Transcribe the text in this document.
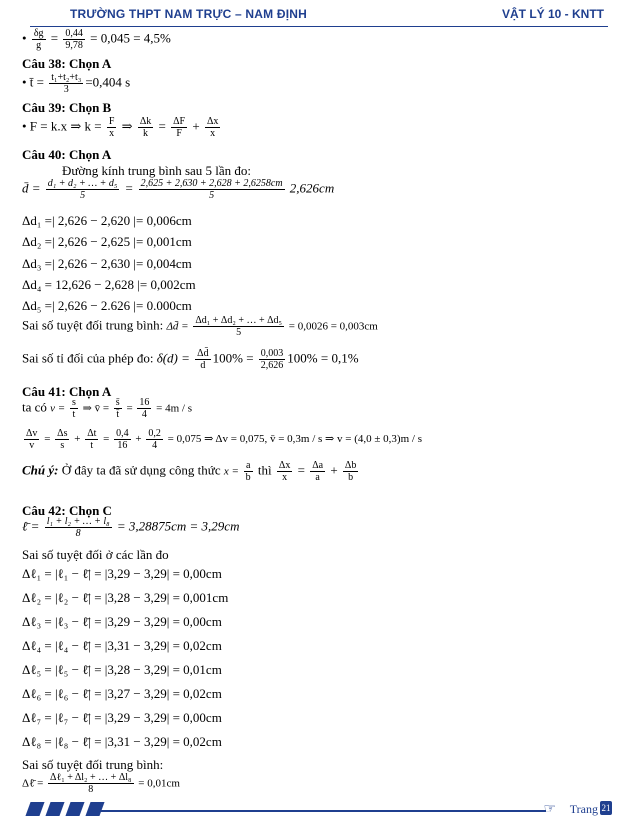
TRƯỜNG THPT NAM TRỰC – NAM ĐỊNH	VẬT LÝ 10 - KNTT
• $\frac{\delta g}{g} = \frac{0,44}{9,78} = 0,045 = 4,5\%$
Câu 38: Chọn A
• t̄ = $\frac{\text{t₁+t₂+t₃}}{3} =0,404$ s
Câu 39: Chọn B
• F = k.x ⇒ $k = \frac{F}{x}$ ⇒ $\frac{\Delta k}{k} = \frac{\Delta F}{F} + \frac{\Delta x}{x}$
Câu 40: Chọn A
Đường kính trung bình sau 5 lần đo:
d̄ = $\frac{\text{d₁ + d₂ + … + d₅}}{5} = \frac{2,625 + 2,630 + 2,628 + 2,6258cm}{5} 2,626cm$
Δd₁ =| 2,626 − 2,620 |= 0,006cm
Δd₂ =| 2,626 − 2,625 |= 0,001cm
Δd₃ =| 2,626 − 2,630 |= 0,004cm
Δd₄ = 12,626 − 2,628 |= 0,002cm
Δd₅ =| 2,626 − 2.626 |= 0.000cm
Sai số tuyệt đối trung bình: Δd̄ = $\frac{\text{Δd₁ + Δd₂ + … + Δd₅}}{5} = 0,0026 = 0,003cm$
Sai số tỉ đối của phép đo: $\delta(d) = \frac{\Delta d̄}{d̄} 100\% = \frac{0,003}{2,626} 100\% = 0,1\%$
Câu 41: Chọn A
ta có $v = \frac{s}{t}$ ⇒ v̄ = $\frac{s̄}{t̄} = \frac{16}{4} = 4m / s$
$\frac{\Delta v}{v} = \frac{\Delta s}{s} + \frac{\Delta t}{t} = \frac{0,4}{16} + \frac{0,2}{4} = 0,075$ ⇒ Δv = 0,075, v̄ = 0,3m / s ⇒ v = (4,0 ± 0,3)m / s
Chú ý: Ở đây ta đã sử dụng công thức $x = \frac{a}{b}$ thì $\frac{\Delta x}{x} = \frac{\Delta a}{a} + \frac{\Delta b}{b}$
Câu 42: Chọn C
ℓ̄ = $\frac{\text{l₁ + l₂ + … + l₈}}{8} = 3,28875cm = 3,29cm$
Sai số tuyệt đối ở các lần đo
Δℓ₁ = |ℓ₁ − ℓ̄| = |3,29 − 3,29| = 0,00cm
Δℓ₂ = |ℓ₂ − ℓ̄| = |3,28 − 3,29| = 0,001cm
Δℓ₃ = |ℓ₃ − ℓ̄| = |3,29 − 3,29| = 0,00cm
Δℓ₄ = |ℓ₄ − ℓ̄| = |3,31 − 3,29| = 0,02cm
Δℓ₅ = |ℓ₅ − ℓ̄| = |3,28 − 3,29| = 0,01cm
Δℓ₆ = |ℓ₆ − ℓ̄| = |3,27 − 3,29| = 0,02cm
Δℓ₇ = |ℓ₇ − ℓ̄| = |3,29 − 3,29| = 0,00cm
Δℓ₈ = |ℓ₈ − ℓ̄| = |3,31 − 3,29| = 0,02cm
Sai số tuyệt đối trung bình:
Δℓ̄ = $\frac{\text{Δℓ₁ + Δl₂ + … + Δl₈}}{8} = 0,01cm$
☞ Trang 21
